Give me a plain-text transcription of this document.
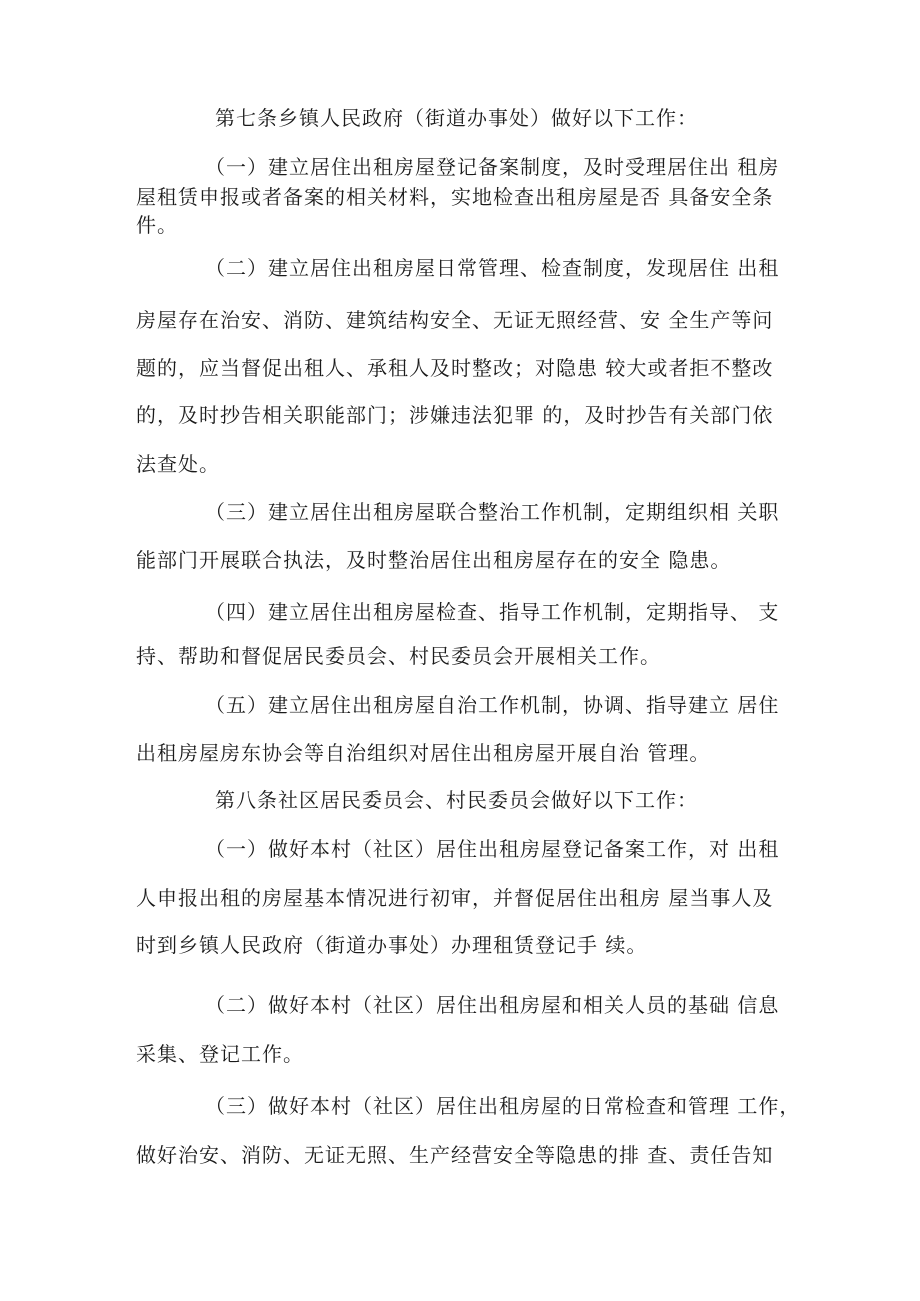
第七条乡镇人民政府（街道办事处）做好以下工作：
（一）建立居住出租房屋登记备案制度，及时受理居住出 租房
屋租赁申报或者备案的相关材料，实地检查出租房屋是否 具备安全条
件。
（二）建立居住出租房屋日常管理、检查制度，发现居住 出租
房屋存在治安、消防、建筑结构安全、无证无照经营、安 全生产等问
题的，应当督促出租人、承租人及时整改；对隐患 较大或者拒不整改
的，及时抄告相关职能部门；涉嫌违法犯罪 的，及时抄告有关部门依
法查处。
（三）建立居住出租房屋联合整治工作机制，定期组织相 关职
能部门开展联合执法，及时整治居住出租房屋存在的安全 隐患。
（四）建立居住出租房屋检查、指导工作机制，定期指导、 支
持、帮助和督促居民委员会、村民委员会开展相关工作。
（五）建立居住出租房屋自治工作机制，协调、指导建立 居住
出租房屋房东协会等自治组织对居住出租房屋开展自治 管理。
第八条社区居民委员会、村民委员会做好以下工作：
（一）做好本村（社区）居住出租房屋登记备案工作，对 出租
人申报出租的房屋基本情况进行初审，并督促居住出租房 屋当事人及
时到乡镇人民政府（街道办事处）办理租赁登记手 续。
（二）做好本村（社区）居住出租房屋和相关人员的基础 信息
采集、登记工作。
（三）做好本村（社区）居住出租房屋的日常检查和管理 工作，
做好治安、消防、无证无照、生产经营安全等隐患的排 查、责任告知
